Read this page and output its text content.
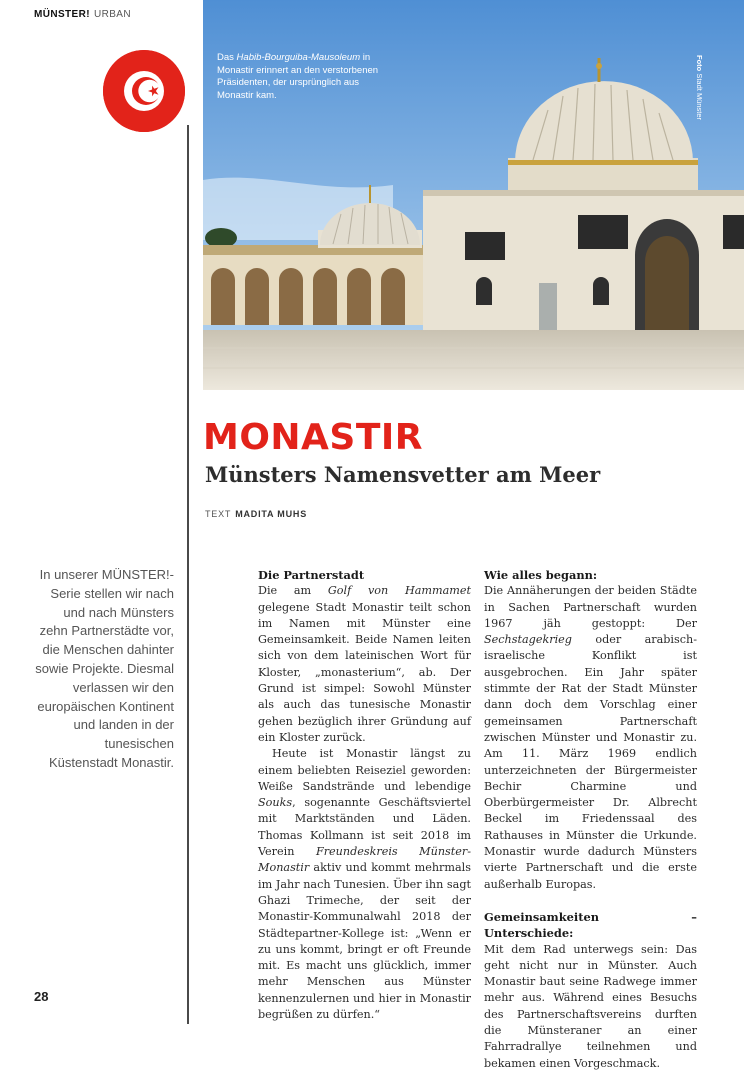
MÜNSTER! URBAN
Das Habib-Bourguiba-Mausoleum in Monastir erinnert an den verstorbenen Präsidenten, der ursprünglich aus Monastir kam.
Foto Stadt Münster
MONASTIR
Münsters Namensvetter am Meer
TEXT MADITA MUHS
In unserer MÜNSTER!-Serie stellen wir nach und nach Münsters zehn Partnerstädte vor, die Menschen dahinter sowie Projekte. Diesmal verlassen wir den europäischen Kontinent und landen in der tunesischen Küstenstadt Monastir.
Die Partnerstadt

Die am Golf von Hammamet gelegene Stadt Monastir teilt schon im Namen mit Münster eine Gemeinsamkeit. Beide Namen leiten sich von dem lateinischen Wort für Kloster, „monasterium“, ab. Der Grund ist simpel: Sowohl Münster als auch das tunesische Monastir gehen bezüglich ihrer Gründung auf ein Kloster zurück.

Heute ist Monastir längst zu einem beliebten Reiseziel geworden: Weiße Sandstrände und lebendige Souks, sogenannte Geschäftsviertel mit Marktständen und Läden. Thomas Kollmann ist seit 2018 im Verein Freundeskreis Münster-Monastir aktiv und kommt mehrmals im Jahr nach Tunesien. Über ihn sagt Ghazi Trimeche, der seit der Monastir-Kommunalwahl 2018 der Städtepartner-Kollege ist: „Wenn er zu uns kommt, bringt er oft Freunde mit. Es macht uns glücklich, immer mehr Menschen aus Münster kennenzulernen und hier in Monastir begrüßen zu dürfen.“

Wie alles begann:

Die Annäherungen der beiden Städte in Sachen Partnerschaft wurden 1967 jäh gestoppt: Der Sechstagekrieg oder arabisch-israelische Konflikt ist ausgebrochen. Ein Jahr später stimmte der Rat der Stadt Münster dann doch dem Vorschlag einer gemeinsamen Partnerschaft zwischen Münster und Monastir zu. Am 11. März 1969 endlich unterzeichneten der Bürgermeister Bechir Charmine und Oberbürgermeister Dr. Albrecht Beckel im Friedenssaal des Rathauses in Münster die Urkunde. Monastir wurde dadurch Münsters vierte Partnerschaft und die erste außerhalb Europas.

Gemeinsamkeiten – Unterschiede:

Mit dem Rad unterwegs sein: Das geht nicht nur in Münster. Auch Monastir baut seine Radwege immer mehr aus. Während eines Besuchs des Partnerschaftsvereins durften die Münsteraner an einer Fahrradrallye teilnehmen und bekamen einen Vorgeschmack.

28
